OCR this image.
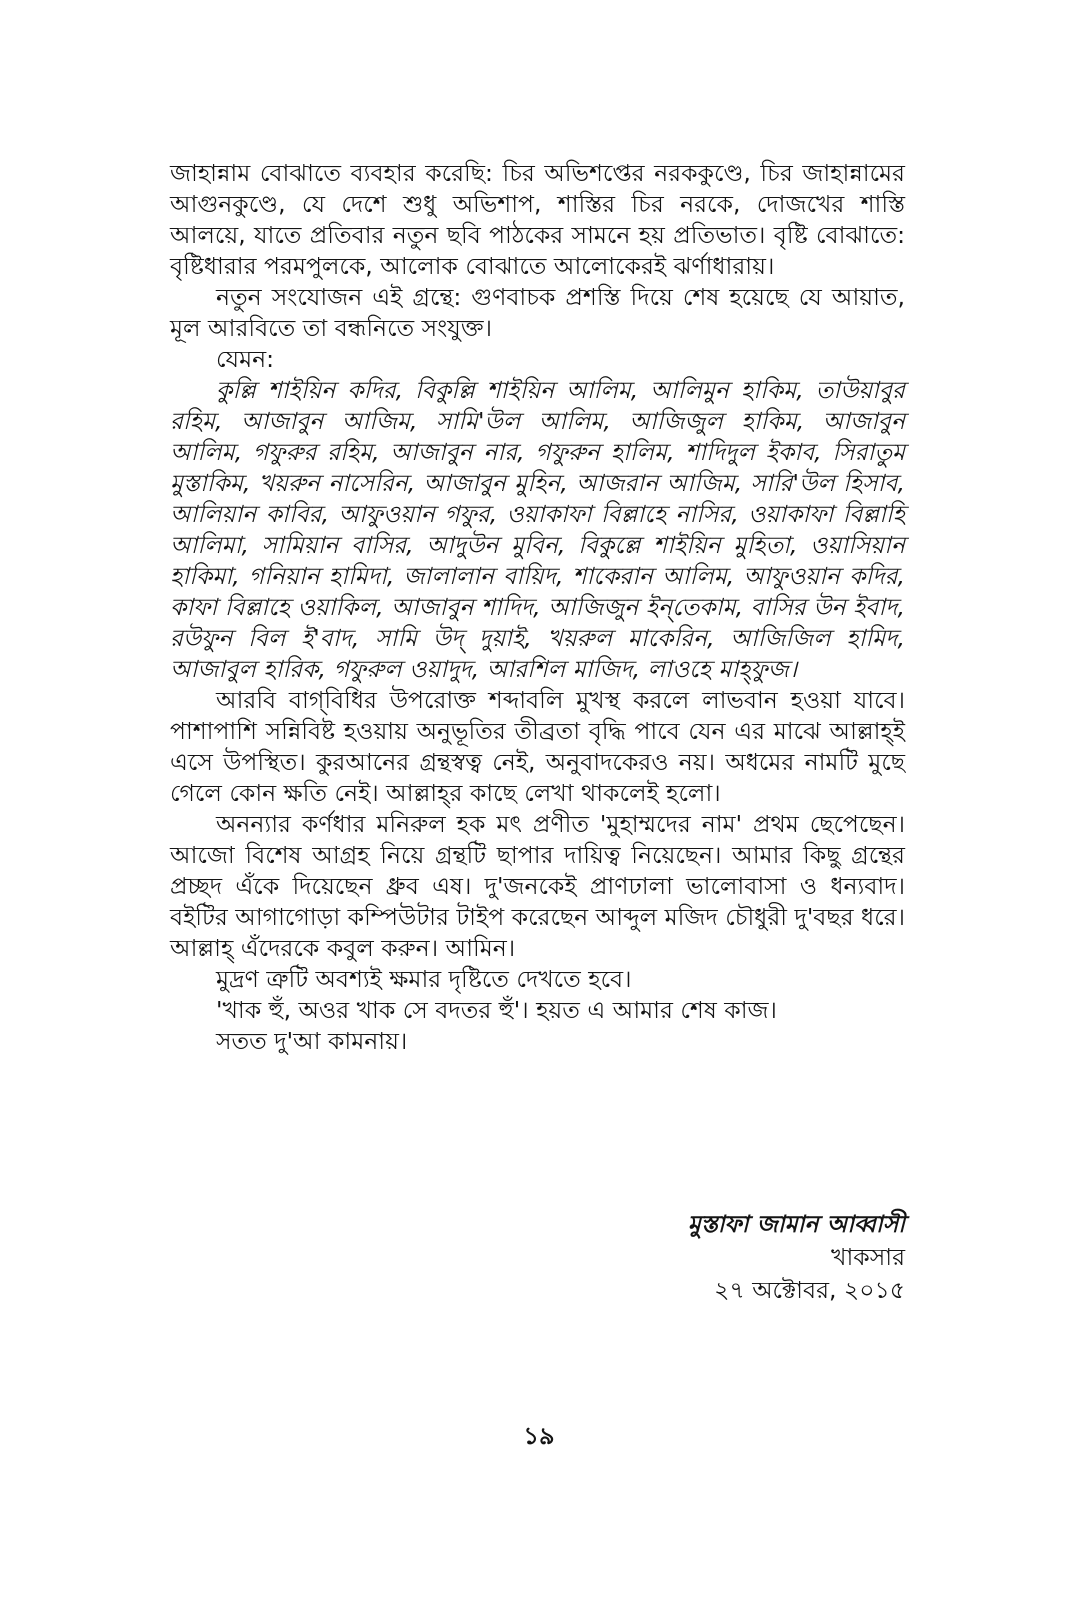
জাহান্নাম বোঝাতে ব্যবহার করেছি: চির অভিশপ্তের নরককুণ্ডে, চির জাহান্নামের আগুনকুণ্ডে, যে দেশে শুধু অভিশাপ, শাস্তির চির নরকে, দোজখের শাস্তি আলয়ে, যাতে প্রতিবার নতুন ছবি পাঠকের সামনে হয় প্রতিভাত। বৃষ্টি বোঝাতে: বৃষ্টিধারার পরমপুলকে, আলোক বোঝাতে আলোকেরই ঝর্ণাধারায়।

নতুন সংযোজন এই গ্রন্থে: গুণবাচক প্রশস্তি দিয়ে শেষ হয়েছে যে আয়াত, মূল আরবিতে তা বন্ধনিতে সংযুক্ত।

যেমন:

কুল্লি শাইয়িন কদির, বিকুল্লি শাইয়িন আলিম, আলিমুন হাকিম, তাউয়াবুর রহিম, আজাবুন আজিম, সামি'উল আলিম, আজিজুল হাকিম, আজাবুন আলিম, গফুরুর রহিম, আজাবুন নার, গফুরুন হালিম, শাদিদুল ইকাব, সিরাতুম মুস্তাকিম, খয়রুন নাসেরিন, আজাবুন মুহিন, আজরান আজিম, সারি'উল হিসাব, আলিয়ান কাবির, আফুওয়ান গফুর, ওয়াকাফা বিল্লাহে নাসির, ওয়াকাফা বিল্লাহি আলিমা, সামিয়ান বাসির, আদুউন মুবিন, বিকুল্লে শাইয়িন মুহিতা, ওয়াসিয়ান হাকিমা, গনিয়ান হামিদা, জালালান বায়িদ, শাকেরান আলিম, আফুওয়ান কদির, কাফা বিল্লাহে ওয়াকিল, আজাবুন শাদিদ, আজিজুন ইন্‌তেকাম, বাসির উন ইবাদ, রউফুন বিল ই'বাদ, সামি উদ্ দুয়াই, খয়রুল মাকেরিন, আজিজিল হামিদ, আজাবুল হারিক, গফুরুল ওয়াদুদ, আরশিল মাজিদ, লাওহে মাহ্‌ফুজ।

আরবি বাগ্‌বিধির উপরোক্ত শব্দাবলি মুখস্থ করলে লাভবান হওয়া যাবে। পাশাপাশি সন্নিবিষ্ট হওয়ায় অনুভূতির তীব্রতা বৃদ্ধি পাবে যেন এর মাঝে আল্লাহ্ই এসে উপস্থিত। কুরআনের গ্রন্থস্বত্ব নেই, অনুবাদকেরও নয়। অধমের নামটি মুছে গেলে কোন ক্ষতি নেই। আল্লাহ্‌র কাছে লেখা থাকলেই হলো।

অনন্যার কর্ণধার মনিরুল হক মৎ প্রণীত 'মুহাম্মদের নাম' প্রথম ছেপেছেন। আজো বিশেষ আগ্রহ নিয়ে গ্রন্থটি ছাপার দায়িত্ব নিয়েছেন। আমার কিছু গ্রন্থের প্রচ্ছদ এঁকে দিয়েছেন ধ্রুব এষ। দু'জনকেই প্রাণঢালা ভালোবাসা ও ধন্যবাদ। বইটির আগাগোড়া কম্পিউটার টাইপ করেছেন আব্দুল মজিদ চৌধুরী দু'বছর ধরে। আল্লাহ্ এঁদেরকে কবুল করুন। আমিন।

মুদ্রণ ত্রুটি অবশ্যই ক্ষমার দৃষ্টিতে দেখতে হবে।

'খাক হুঁ, অওর খাক সে বদতর হুঁ'। হয়ত এ আমার শেষ কাজ।

সতত দু'আ কামনায়।

মুস্তাফা জামান আব্বাসী
খাকসার
২৭ অক্টোবর, ২০১৫
১৯
